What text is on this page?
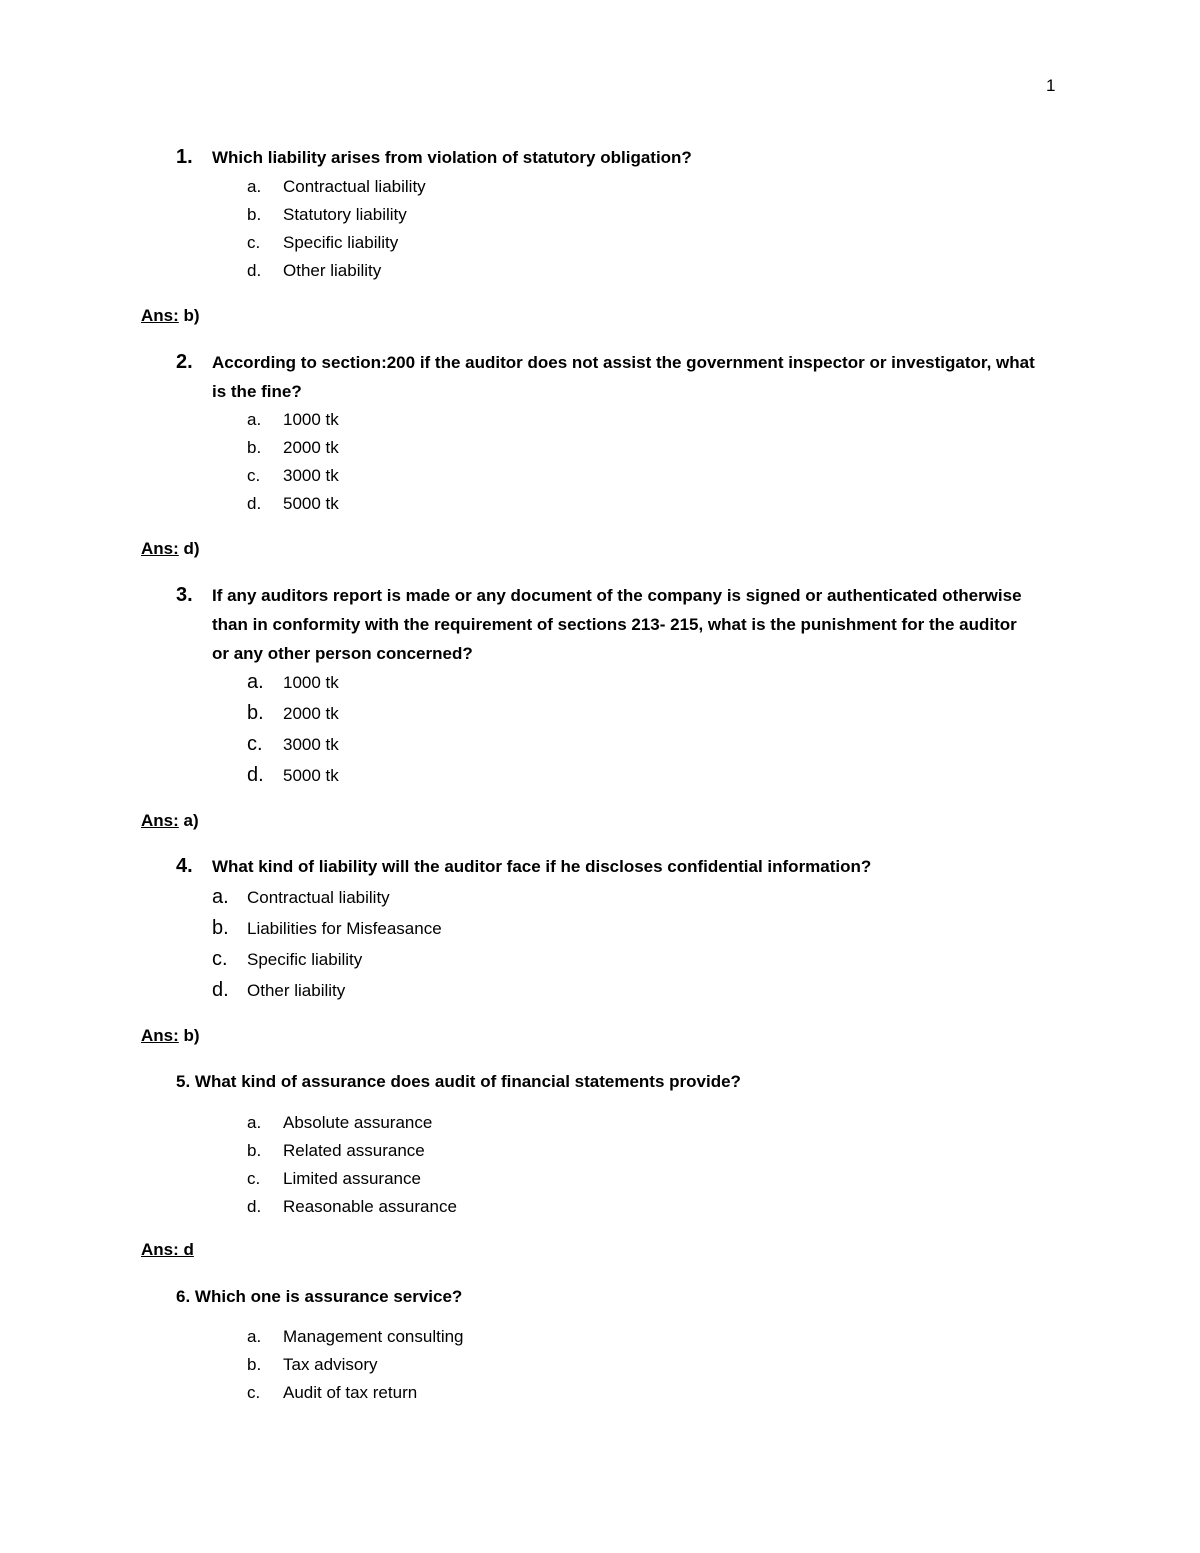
1
1.	Which liability arises from violation of statutory obligation?
a. Contractual liability
b. Statutory liability
c. Specific liability
d. Other liability
Ans: b)
2.	According to section:200 if the auditor does not assist the government inspector or investigator, what is the fine?
a. 1000 tk
b. 2000 tk
c. 3000 tk
d. 5000 tk
Ans: d)
3.	If any auditors report is made or any document of the company is signed or authenticated otherwise than in conformity with the requirement of sections 213- 215, what is the punishment for the auditor or any other person concerned?
a. 1000 tk
b. 2000 tk
c. 3000 tk
d. 5000 tk
Ans: a)
4.	What kind of liability will the auditor face if he discloses confidential information?
a. Contractual liability
b. Liabilities for Misfeasance
c. Specific liability
d. Other liability
Ans: b)
5. What kind of assurance does audit of financial statements provide?
a. Absolute assurance
b. Related assurance
c. Limited assurance
d. Reasonable assurance
Ans: d
6. Which one is assurance service?
a. Management consulting
b. Tax advisory
c. Audit of tax return
